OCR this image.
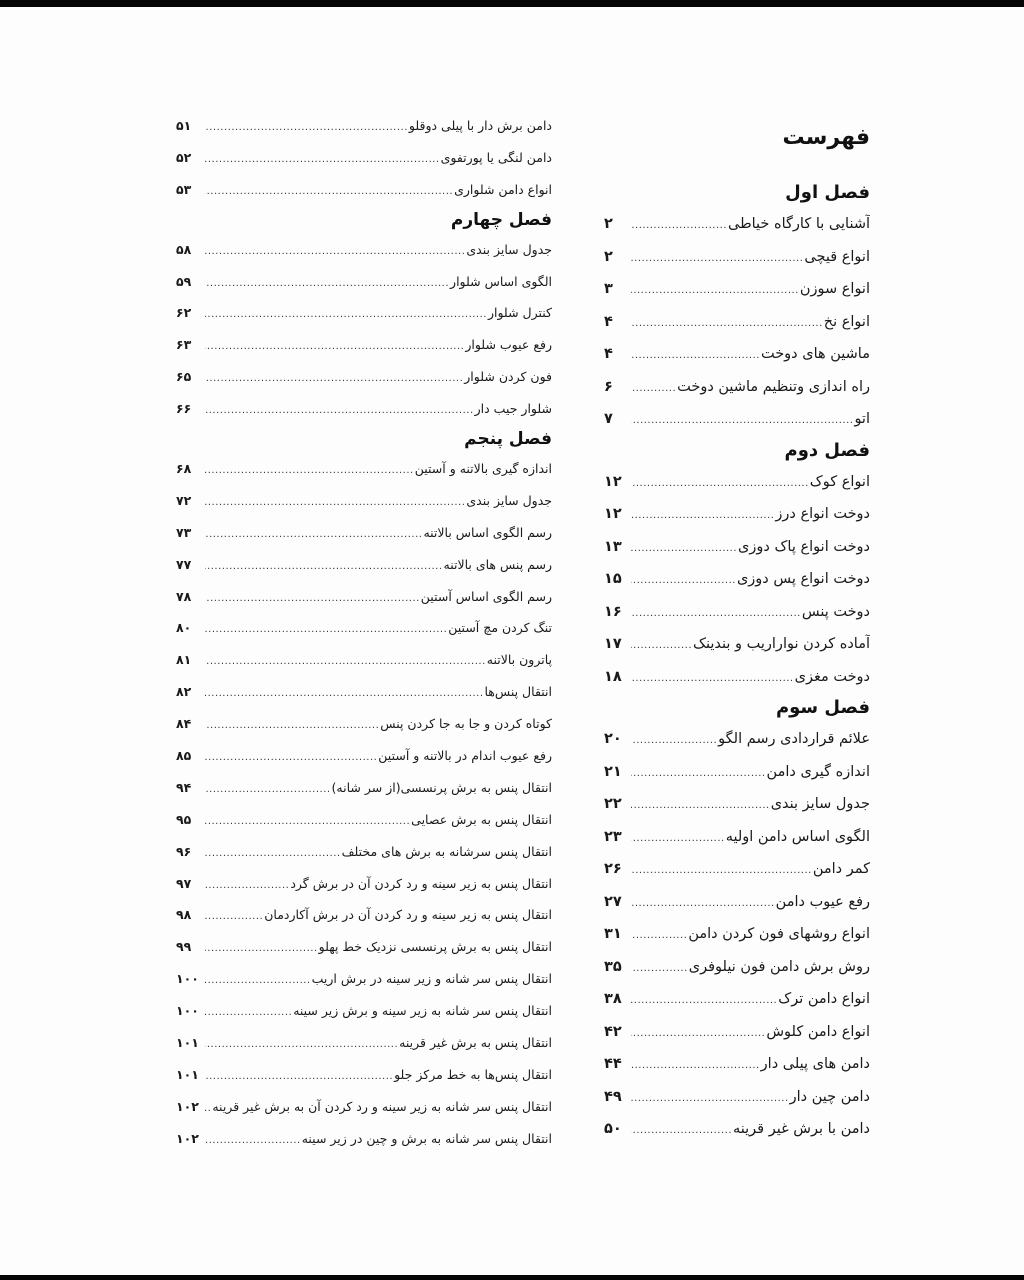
فهرست
فصل اول
آشنایی با کارگاه خیاطی
.....
۲
انواع قیچی
.....
۲
انواع سوزن
.....
۳
انواع نخ
.....
۴
ماشین های دوخت
.....
۴
راه اندازی وتنظیم ماشین دوخت
.....
۶
اتو
.....
۷
فصل دوم
انواع کوک
.....
۱۲
دوخت انواع درز
.....
۱۲
دوخت انواع پاک دوزی
.....
۱۳
دوخت انواع پس دوزی
.....
۱۵
دوخت پنس
.....
۱۶
آماده کردن نواراریب و بندینک
.....
۱۷
دوخت مغزی
.....
۱۸
فصل سوم
علائم قراردادی رسم الگو
.....
۲۰
اندازه گیری دامن
.....
۲۱
جدول سایز بندی
.....
۲۲
الگوی اساس دامن اولیه
.....
۲۳
کمر دامن
.....
۲۶
رفع عیوب دامن
.....
۲۷
انواع روشهای فون کردن دامن
.....
۳۱
روش برش دامن فون نیلوفری
.....
۳۵
انواع دامن ترک
.....
۳۸
انواع دامن کلوش
.....
۴۲
دامن های پیلی دار
.....
۴۴
دامن چین دار
.....
۴۹
دامن با برش غیر قرینه
.....
۵۰
دامن برش دار با پیلی دوقلو
.....
۵۱
دامن لنگی یا پورتفوی
.....
۵۲
انواع دامن شلواری
.....
۵۳
فصل چهارم
جدول سایز بندی
.....
۵۸
الگوی اساس شلوار
.....
۵۹
کنترل شلوار
.....
۶۲
رفع عیوب شلوار
.....
۶۳
فون کردن شلوار
.....
۶۵
شلوار جیب دار
.....
۶۶
فصل پنجم
اندازه گیری بالاتنه و آستین
.....
۶۸
جدول سایز بندی
.....
۷۲
رسم الگوی اساس بالاتنه
.....
۷۳
رسم پنس های بالاتنه
.....
۷۷
رسم الگوی اساس آستین
.....
۷۸
تنگ کردن مچ آستین
.....
۸۰
پاترون بالاتنه
.....
۸۱
انتقال پنس‌ها
.....
۸۲
کوتاه کردن و جا به جا کردن پنس
.....
۸۴
رفع عیوب اندام در بالاتنه و آستین
.....
۸۵
انتقال پنس به برش پرنسسی(از سر شانه)
.....
۹۴
انتقال پنس به برش عصایی
.....
۹۵
انتقال پنس سرشانه به برش های مختلف
.....
۹۶
انتقال پنس به زیر سینه و رد کردن آن در برش گرد
.....
۹۷
انتقال پنس به زیر سینه و رد کردن آن در برش آکاردمان
.....
۹۸
انتقال پنس به برش پرنسسی نزدیک خط پهلو
.....
۹۹
انتقال پنس سر شانه و زیر سینه در برش اریب
.....
۱۰۰
انتقال پنس سر شانه به زیر سینه و برش زیر سینه
.....
۱۰۰
انتقال پنس به برش غیر قرینه
.....
۱۰۱
انتقال پنس‌ها به خط مرکز جلو
.....
۱۰۱
انتقال پنس سر شانه به زیر سینه و رد کردن آن به برش غیر قرینه
.....
۱۰۲
انتقال پنس سر شانه به برش و چین در زیر سینه
.....
۱۰۲
